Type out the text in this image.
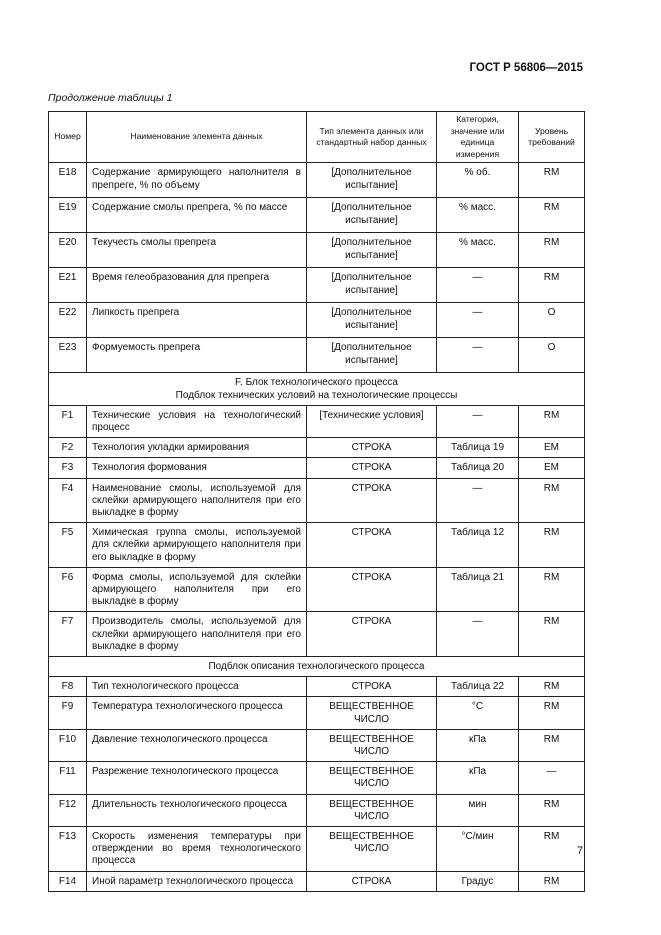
ГОСТ Р 56806—2015
Продолжение таблицы 1
Номер	Наименование элемента данных	Тип элемента данных или стандартный набор данных	Категория, значение или единица измерения	Уровень требований
E18	Содержание армирующего наполнителя в препреге, % по объему	[Дополнительное испытание]	% об.	RM
E19	Содержание смолы препрега, % по массе	[Дополнительное испытание]	% масс.	RM
E20	Текучесть смолы препрега	[Дополнительное испытание]	% масс.	RM
E21	Время гелеобразования для препрега	[Дополнительное испытание]	—	RM
E22	Липкость препрега	[Дополнительное испытание]	—	O
E23	Формуемость препрега	[Дополнительное испытание]	—	O

F. Блок технологического процесса
Подблок технических условий на технологические процессы				

F1	Технические условия на технологический процесс	[Технические условия]	—	RM
F2	Технология укладки армирования	СТРОКА	Таблица 19	EM
F3	Технология формования	СТРОКА	Таблица 20	EM
F4	Наименование смолы, используемой для склейки армирующего наполнителя при его выкладке в форму	СТРОКА	—	RM
F5	Химическая группа смолы, используемой для склейки армирующего наполнителя при его выкладке в форму	СТРОКА	Таблица 12	RM
F6	Форма смолы, используемой для склейки армирующего наполнителя при его выкладке в форму	СТРОКА	Таблица 21	RM
F7	Производитель смолы, используемой для склейки армирующего наполнителя при его выкладке в форму	СТРОКА	—	RM
Подблок описания технологического процесса				
F8	Тип технологического процесса	СТРОКА	Таблица 22	RM
F9	Температура технологического процесса	ВЕЩЕСТВЕННОЕ ЧИСЛО	°С	RM
F10	Давление технологического процесса	ВЕЩЕСТВЕННОЕ ЧИСЛО	кПа	RM
F11	Разрежение технологического процесса	ВЕЩЕСТВЕННОЕ ЧИСЛО	кПа	—
F12	Длительность технологического процесса	ВЕЩЕСТВЕННОЕ ЧИСЛО	мин	RM
F13	Скорость изменения температуры при отверждении во время технологического процесса	ВЕЩЕСТВЕННОЕ ЧИСЛО	°С/мин	RM
F14	Иной параметр технологического процесса	СТРОКА	Градус	RM
7
